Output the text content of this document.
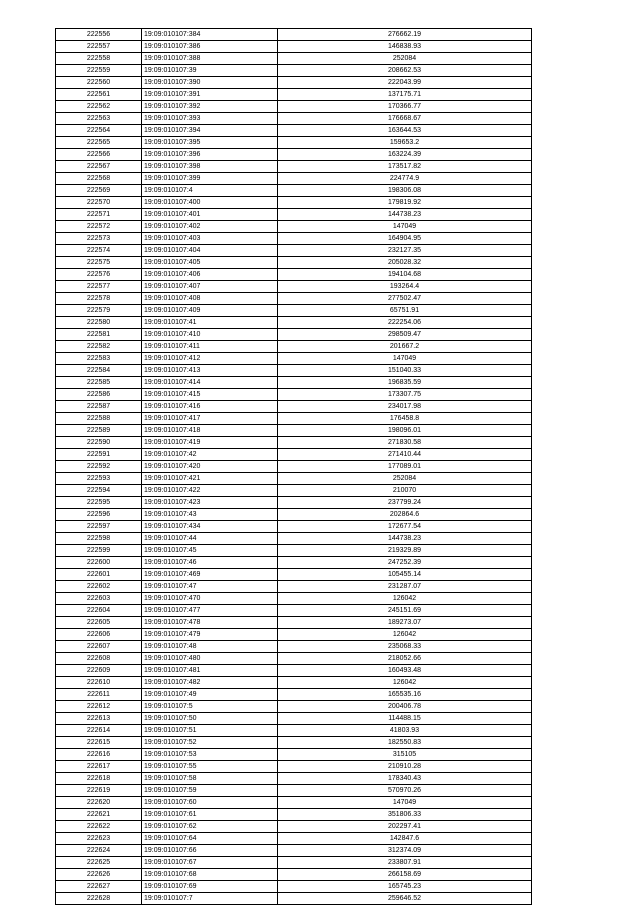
222556	19:09:010107:384	276662.19
222557	19:09:010107:386	146838.93
222558	19:09:010107:388	252084
222559	19:09:010107:39	208662.53
222560	19:09:010107:390	222043.99
222561	19:09:010107:391	137175.71
222562	19:09:010107:392	170366.77
222563	19:09:010107:393	176668.67
222564	19:09:010107:394	163644.53
222565	19:09:010107:395	159653.2
222566	19:09:010107:396	163224.39
222567	19:09:010107:398	173517.82
222568	19:09:010107:399	224774.9
222569	19:09:010107:4	198306.08
222570	19:09:010107:400	179819.92
222571	19:09:010107:401	144738.23
222572	19:09:010107:402	147049
222573	19:09:010107:403	164904.95
222574	19:09:010107:404	232127.35
222575	19:09:010107:405	205028.32
222576	19:09:010107:406	194104.68
222577	19:09:010107:407	193264.4
222578	19:09:010107:408	277502.47
222579	19:09:010107:409	65751.91
222580	19:09:010107:41	222254.06
222581	19:09:010107:410	298509.47
222582	19:09:010107:411	201667.2
222583	19:09:010107:412	147049
222584	19:09:010107:413	151040.33
222585	19:09:010107:414	196835.59
222586	19:09:010107:415	173307.75
222587	19:09:010107:416	234017.98
222588	19:09:010107:417	176458.8
222589	19:09:010107:418	198096.01
222590	19:09:010107:419	271830.58
222591	19:09:010107:42	271410.44
222592	19:09:010107:420	177089.01
222593	19:09:010107:421	252084
222594	19:09:010107:422	210070
222595	19:09:010107:423	237799.24
222596	19:09:010107:43	202864.6
222597	19:09:010107:434	172677.54
222598	19:09:010107:44	144738.23
222599	19:09:010107:45	219329.89
222600	19:09:010107:46	247252.39
222601	19:09:010107:469	105455.14
222602	19:09:010107:47	231287.07
222603	19:09:010107:470	126042
222604	19:09:010107:477	245151.69
222605	19:09:010107:478	189273.07
222606	19:09:010107:479	126042
222607	19:09:010107:48	235068.33
222608	19:09:010107:480	218052.66
222609	19:09:010107:481	160493.48
222610	19:09:010107:482	126042
222611	19:09:010107:49	165535.16
222612	19:09:010107:5	200406.78
222613	19:09:010107:50	114488.15
222614	19:09:010107:51	41803.93
222615	19:09:010107:52	182550.83
222616	19:09:010107:53	315105
222617	19:09:010107:55	210910.28
222618	19:09:010107:58	178340.43
222619	19:09:010107:59	570970.26
222620	19:09:010107:60	147049
222621	19:09:010107:61	351806.33
222622	19:09:010107:62	202297.41
222623	19:09:010107:64	142847.6
222624	19:09:010107:66	312374.09
222625	19:09:010107:67	233807.91
222626	19:09:010107:68	266158.69
222627	19:09:010107:69	165745.23
222628	19:09:010107:7	259646.52
